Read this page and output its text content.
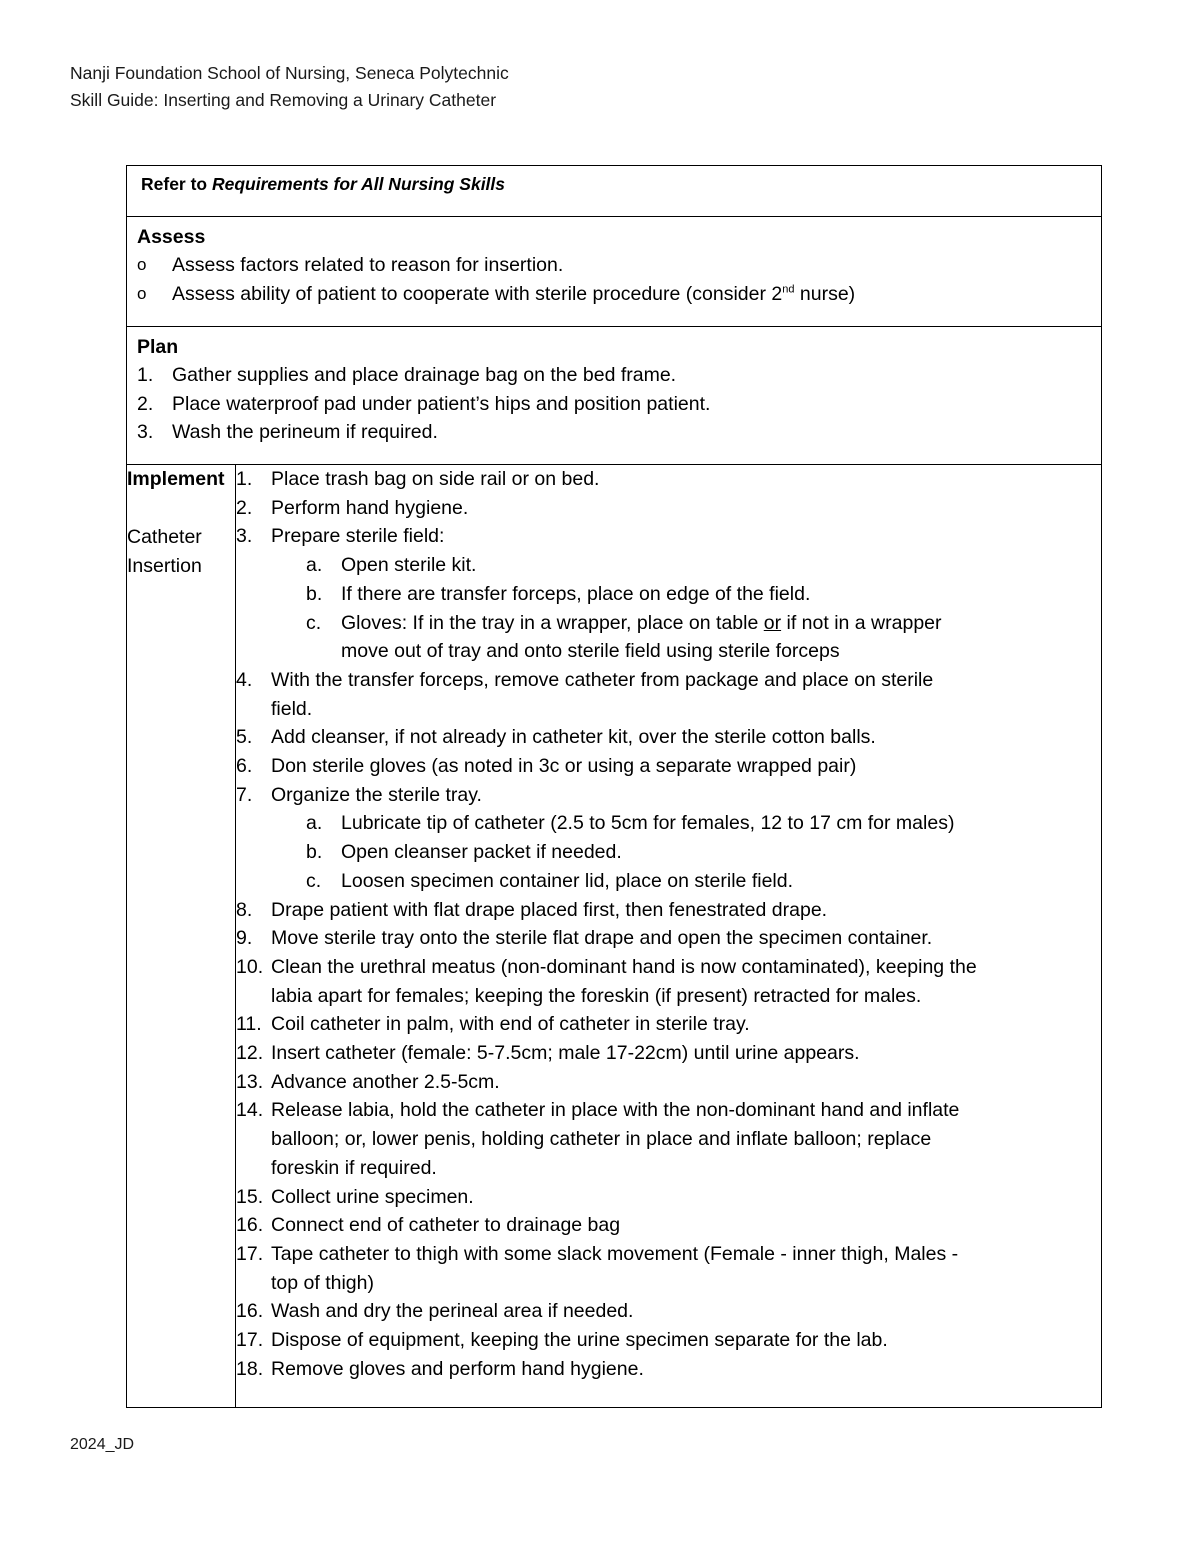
Nanji Foundation School of Nursing, Seneca Polytechnic
Skill Guide: Inserting and Removing a Urinary Catheter
Refer to Requirements for All Nursing Skills

Assess
o	Assess factors related to reason for insertion.
o	Assess ability of patient to cooperate with sterile procedure (consider 2nd nurse)

Plan
1. Gather supplies and place drainage bag on the bed frame.
2. Place waterproof pad under patient’s hips and position patient.
3. Wash the perineum if required.

Implement
Catheter
Insertion

1. Place trash bag on side rail or on bed.
2. Perform hand hygiene.
3. Prepare sterile field:
a. Open sterile kit.
b. If there are transfer forceps, place on edge of the field.
c.	Gloves: If in the tray in a wrapper, place on table or if not in a wrapper
move out of tray and onto sterile field using sterile forceps
4. With the transfer forceps, remove catheter from package and place on sterile
field.
5. Add cleanser, if not already in catheter kit, over the sterile cotton balls.
6. Don sterile gloves (as noted in 3c or using a separate wrapped pair)
7. Organize the sterile tray.
a. Lubricate tip of catheter (2.5 to 5cm for females, 12 to 17 cm for males)
b. Open cleanser packet if needed.
c.	Loosen specimen container lid, place on sterile field.
8. Drape patient with flat drape placed first, then fenestrated drape.
9. Move sterile tray onto the sterile flat drape and open the specimen container.
10. Clean the urethral meatus (non-dominant hand is now contaminated), keeping the
labia apart for females; keeping the foreskin (if present) retracted for males.
11. Coil catheter in palm, with end of catheter in sterile tray.
12. Insert catheter (female: 5-7.5cm; male 17-22cm) until urine appears.
13. Advance another 2.5-5cm.
14. Release labia, hold the catheter in place with the non-dominant hand and inflate
balloon; or, lower penis, holding catheter in place and inflate balloon; replace
foreskin if required.
15. Collect urine specimen.
16. Connect end of catheter to drainage bag
17. Tape catheter to thigh with some slack movement (Female - inner thigh, Males -
top of thigh)
16. Wash and dry the perineal area if needed.
17. Dispose of equipment, keeping the urine specimen separate for the lab.
18. Remove gloves and perform hand hygiene.
2024_JD
